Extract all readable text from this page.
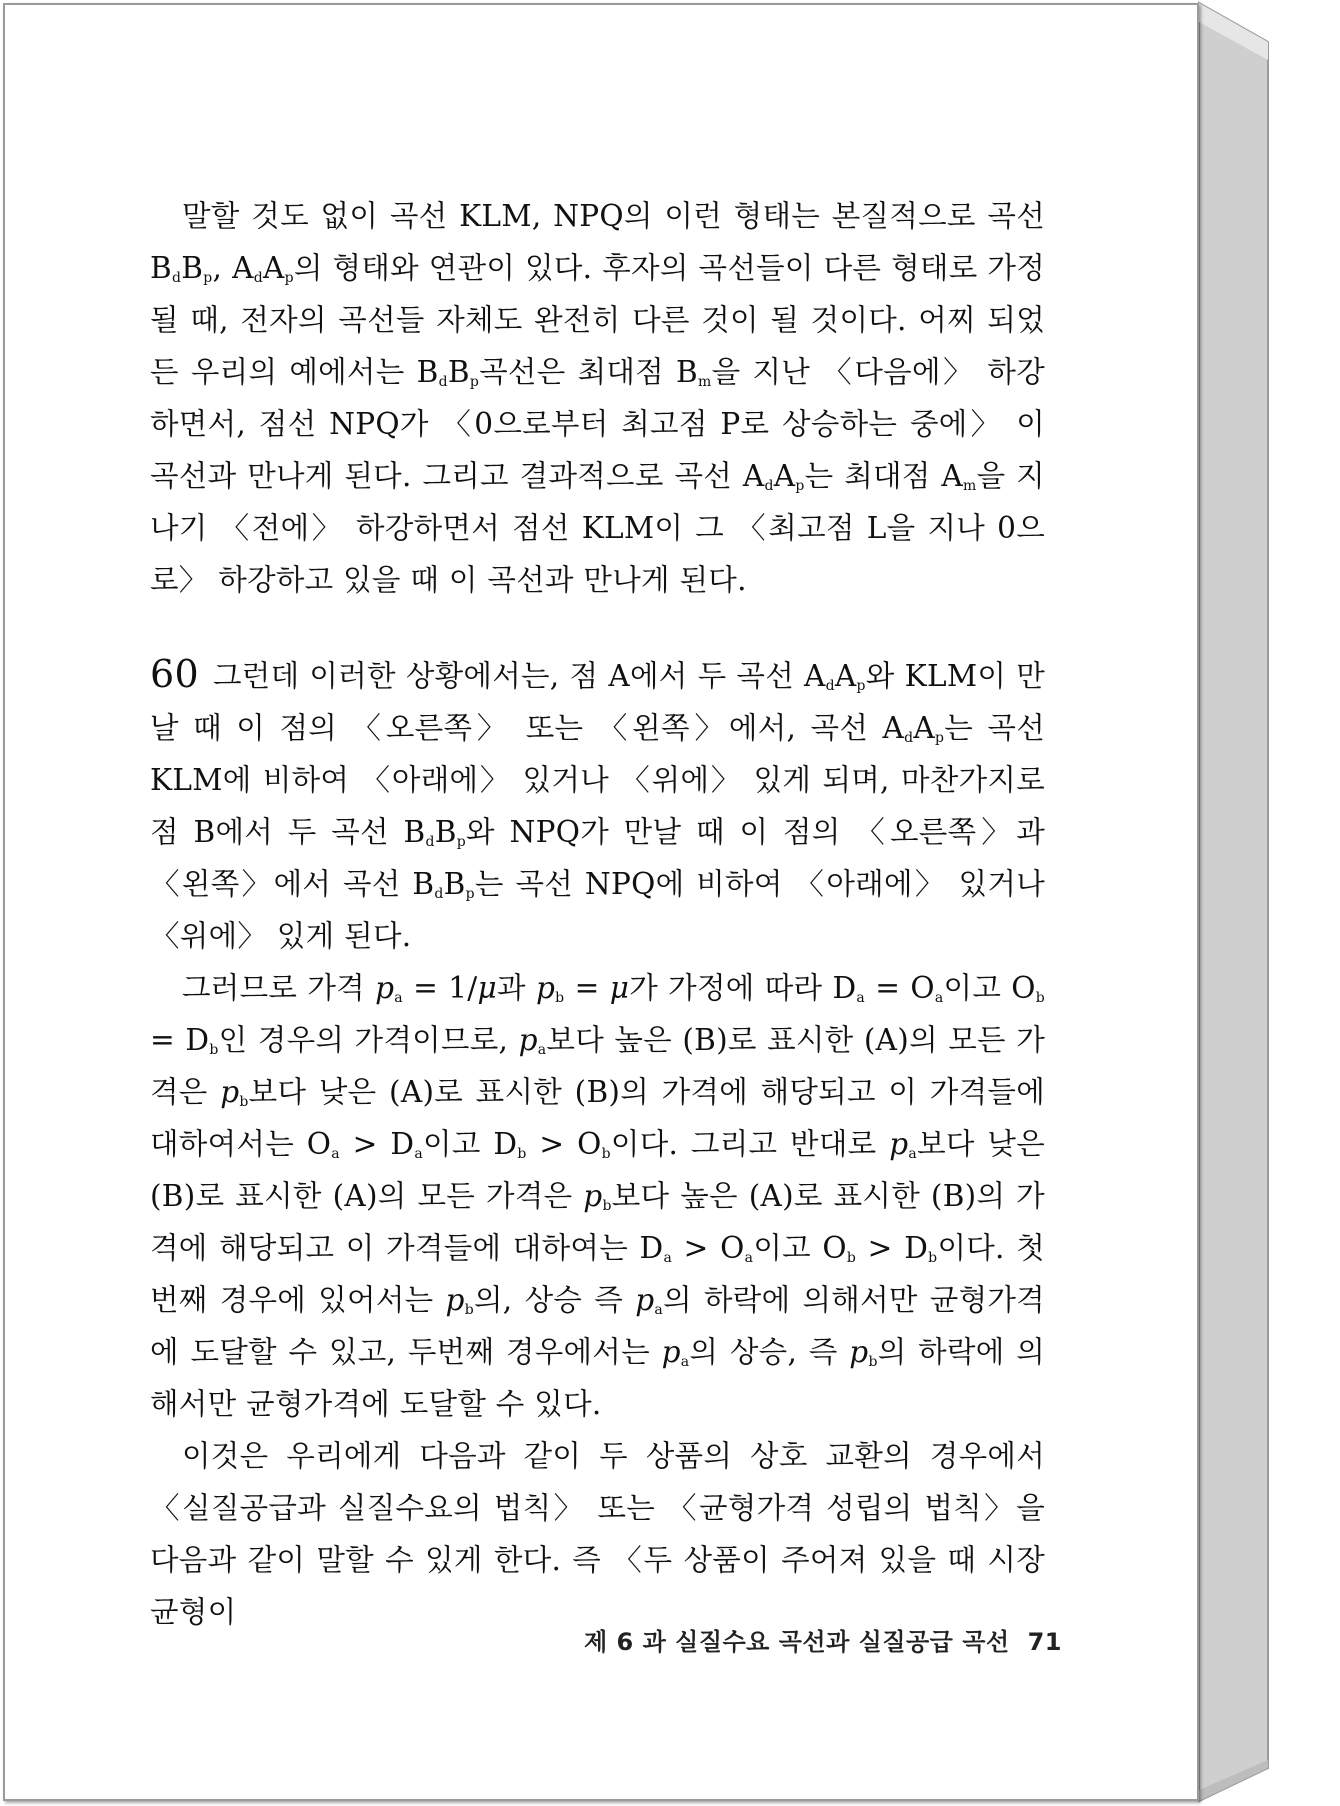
말할 것도 없이 곡선 KLM, NPQ의 이런 형태는 본질적으로 곡선 $B_dB_p$, $A_dA_p$의 형태와 연관이 있다. 후자의 곡선들이 다른 형태로 가정될 때, 전자의 곡선들 자체도 완전히 다른 것이 될 것이다. 어찌 되었든 우리의 예에서는 $B_dB_p$곡선은 최대점 $B_m$을 지난 〈다음에〉 하강하면서, 점선 NPQ가 〈0으로부터 최고점 P로 상승하는 중에〉 이 곡선과 만나게 된다. 그리고 결과적으로 곡선 $A_dA_p$는 최대점 $A_m$을 지나기 〈전에〉 하강하면서 점선 KLM이 그 〈최고점 L을 지나 0으로〉 하강하고 있을 때 이 곡선과 만나게 된다.

60 그런데 이러한 상황에서는, 점 A에서 두 곡선 $A_dA_p$와 KLM이 만날 때 이 점의 〈오른쪽〉 또는 〈왼쪽〉에서, 곡선 $A_dA_p$는 곡선 KLM에 비하여 〈아래에〉 있거나 〈위에〉 있게 되며, 마찬가지로 점 B에서 두 곡선 $B_dB_p$와 NPQ가 만날 때 이 점의 〈오른쪽〉과 〈왼쪽〉에서 곡선 $B_dB_p$는 곡선 NPQ에 비하여 〈아래에〉 있거나 〈위에〉 있게 된다.

그러므로 가격 $p_a = 1/\mu$과 $p_b = \mu$가 가정에 따라 $D_a = O_a$이고 $O_b = D_b$인 경우의 가격이므로, $p_a$보다 높은 (B)로 표시한 (A)의 모든 가격은 $p_b$보다 낮은 (A)로 표시한 (B)의 가격에 해당되고 이 가격들에 대하여서는 $O_a > D_a$이고 $D_b > O_b$이다. 그리고 반대로 $p_a$보다 낮은 (B)로 표시한 (A)의 모든 가격은 $p_b$보다 높은 (A)로 표시한 (B)의 가격에 해당되고 이 가격들에 대하여는 $D_a > O_a$이고 $O_b > D_b$이다. 첫번째 경우에 있어서는 $p_b$의, 상승 즉 $p_a$의 하락에 의해서만 균형가격에 도달할 수 있고, 두번째 경우에서는 $p_a$의 상승, 즉 $p_b$의 하락에 의해서만 균형가격에 도달할 수 있다.

이것은 우리에게 다음과 같이 두 상품의 상호 교환의 경우에서 〈실질공급과 실질수요의 법칙〉 또는 〈균형가격 성립의 법칙〉을 다음과 같이 말할 수 있게 한다. 즉 〈두 상품이 주어져 있을 때 시장균형이

제 6 과 실질수요 곡선과 실질공급 곡선 71
